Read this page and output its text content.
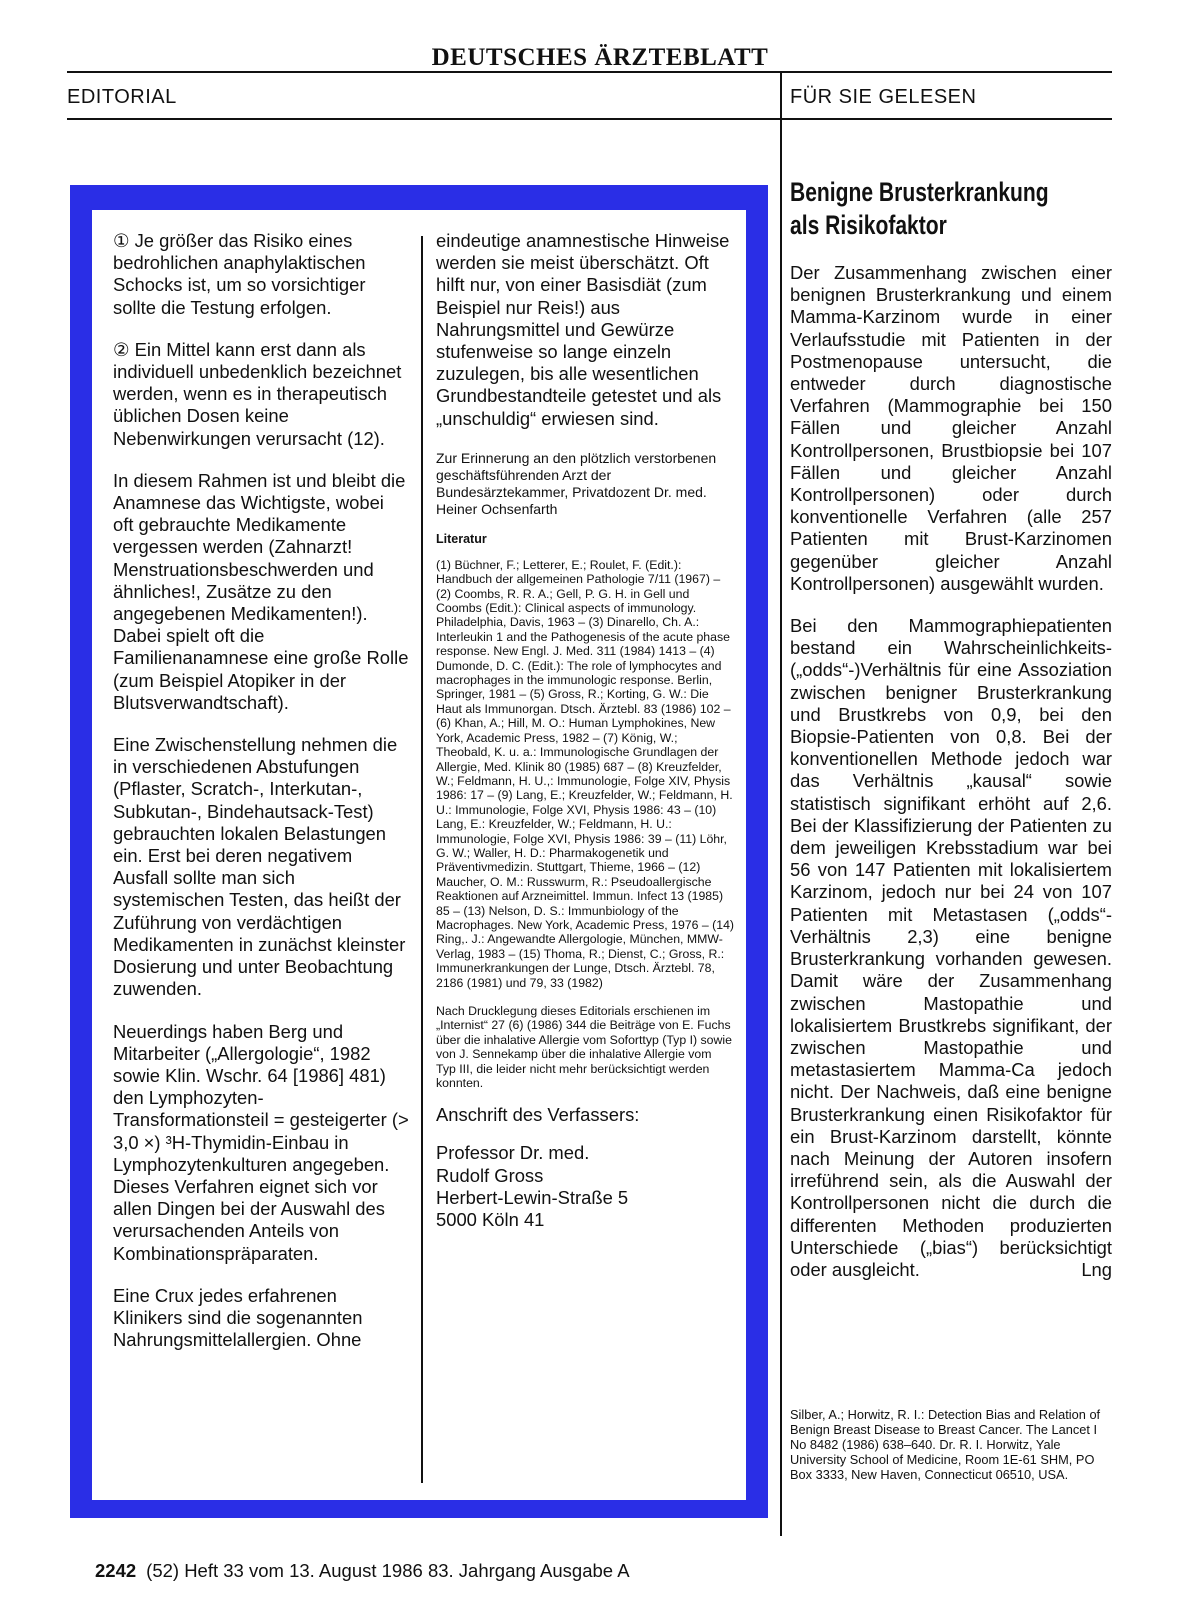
DEUTSCHES ÄRZTEBLATT
EDITORIAL	FÜR SIE GELESEN

① Je größer das Risiko eines bedrohlichen anaphylaktischen Schocks ist, um so vorsichtiger sollte die Testung erfolgen.

② Ein Mittel kann erst dann als individuell unbedenklich bezeichnet werden, wenn es in therapeutisch üblichen Dosen keine Nebenwirkungen verursacht (12).

In diesem Rahmen ist und bleibt die Anamnese das Wichtigste, wobei oft gebrauchte Medikamente vergessen werden (Zahnarzt! Menstruationsbeschwerden und ähnliches!, Zusätze zu den angegebenen Medikamenten!). Dabei spielt oft die Familienanamnese eine große Rolle (zum Beispiel Atopiker in der Blutsverwandtschaft).

Eine Zwischenstellung nehmen die in verschiedenen Abstufungen (Pflaster, Scratch-, Interkutan-, Subkutan-, Bindehautsack-Test) gebrauchten lokalen Belastungen ein. Erst bei deren negativem Ausfall sollte man sich systemischen Testen, das heißt der Zuführung von verdächtigen Medikamenten in zunächst kleinster Dosierung und unter Beobachtung zuwenden.

Neuerdings haben Berg und Mitarbeiter („Allergologie“, 1982 sowie Klin. Wschr. 64 [1986] 481) den Lymphozyten-Transformationsteil = gesteigerter (> 3,0 ×) ³H-Thymidin-Einbau in Lymphozytenkulturen angegeben. Dieses Verfahren eignet sich vor allen Dingen bei der Auswahl des verursachenden Anteils von Kombinationspräparaten.

Eine Crux jedes erfahrenen Klinikers sind die sogenannten Nahrungsmittelallergien. Ohne

eindeutige anamnestische Hinweise werden sie meist überschätzt. Oft hilft nur, von einer Basisdiät (zum Beispiel nur Reis!) aus Nahrungsmittel und Gewürze stufenweise so lange einzeln zuzulegen, bis alle wesentlichen Grundbestandteile getestet und als „unschuldig“ erwiesen sind.

Zur Erinnerung an den plötzlich verstorbenen geschäftsführenden Arzt der Bundesärztekammer, Privatdozent Dr. med. Heiner Ochsenfarth

Literatur

(1) Büchner, F.; Letterer, E.; Roulet, F. (Edit.): Handbuch der allgemeinen Pathologie 7/11 (1967) – (2) Coombs, R. R. A.; Gell, P. G. H. in Gell und Coombs (Edit.): Clinical aspects of immunology. Philadelphia, Davis, 1963 – (3) Dinarello, Ch. A.: Interleukin 1 and the Pathogenesis of the acute phase response. New Engl. J. Med. 311 (1984) 1413 – (4) Dumonde, D. C. (Edit.): The role of lymphocytes and macrophages in the immunologic response. Berlin, Springer, 1981 – (5) Gross, R.; Korting, G. W.: Die Haut als Immunorgan. Dtsch. Ärztebl. 83 (1986) 102 – (6) Khan, A.; Hill, M. O.: Human Lymphokines, New York, Academic Press, 1982 – (7) König, W.; Theobald, K. u. a.: Immunologische Grundlagen der Allergie, Med. Klinik 80 (1985) 687 – (8) Kreuzfelder, W.; Feldmann, H. U.,: Immunologie, Folge XIV, Physis 1986: 17 – (9) Lang, E.; Kreuzfelder, W.; Feldmann, H. U.: Immunologie, Folge XVI, Physis 1986: 43 – (10) Lang, E.: Kreuzfelder, W.; Feldmann, H. U.: Immunologie, Folge XVI, Physis 1986: 39 – (11) Löhr, G. W.; Waller, H. D.: Pharmakogenetik und Präventivmedizin. Stuttgart, Thieme, 1966 – (12) Maucher, O. M.: Russwurm, R.: Pseudoallergische Reaktionen auf Arzneimittel. Immun. Infect 13 (1985) 85 – (13) Nelson, D. S.: Immunbiology of the Macrophages. New York, Academic Press, 1976 – (14) Ring,. J.: Angewandte Allergologie, München, MMW-Verlag, 1983 – (15) Thoma, R.; Dienst, C.; Gross, R.: Immunerkrankungen der Lunge, Dtsch. Ärztebl. 78, 2186 (1981) und 79, 33 (1982)

Nach Drucklegung dieses Editorials erschienen im „Internist“ 27 (6) (1986) 344 die Beiträge von E. Fuchs über die inhalative Allergie vom Soforttyp (Typ I) sowie von J. Sennekamp über die inhalative Allergie vom Typ III, die leider nicht mehr berücksichtigt werden konnten.

Anschrift des Verfassers:

Professor Dr. med.
Rudolf Gross
Herbert-Lewin-Straße 5
5000 Köln 41
Benigne Brusterkrankung
als Risikofaktor

Der Zusammenhang zwischen einer benignen Brusterkrankung und einem Mamma-Karzinom wurde in einer Verlaufsstudie mit Patienten in der Postmenopause untersucht, die entweder durch diagnostische Verfahren (Mammographie bei 150 Fällen und gleicher Anzahl Kontrollpersonen, Brustbiopsie bei 107 Fällen und gleicher Anzahl Kontrollpersonen) oder durch konventionelle Verfahren (alle 257 Patienten mit Brust-Karzinomen gegenüber gleicher Anzahl Kontrollpersonen) ausgewählt wurden.

Bei den Mammographiepatienten bestand ein Wahrscheinlichkeits-(„odds“-)Verhältnis für eine Assoziation zwischen benigner Brusterkrankung und Brustkrebs von 0,9, bei den Biopsie-Patienten von 0,8. Bei der konventionellen Methode jedoch war das Verhältnis „kausal“ sowie statistisch signifikant erhöht auf 2,6. Bei der Klassifizierung der Patienten zu dem jeweiligen Krebsstadium war bei 56 von 147 Patienten mit lokalisiertem Karzinom, jedoch nur bei 24 von 107 Patienten mit Metastasen („odds“-Verhältnis 2,3) eine benigne Brusterkrankung vorhanden gewesen. Damit wäre der Zusammenhang zwischen Mastopathie und lokalisiertem Brustkrebs signifikant, der zwischen Mastopathie und metastasiertem Mamma-Ca jedoch nicht. Der Nachweis, daß eine benigne Brusterkrankung einen Risikofaktor für ein Brust-Karzinom darstellt, könnte nach Meinung der Autoren insofern irreführend sein, als die Auswahl der Kontrollpersonen nicht die durch die differenten Methoden produzierten Unterschiede („bias“) berücksichtigt oder ausgleicht.	Lng

Silber, A.; Horwitz, R. I.: Detection Bias and Relation of Benign Breast Disease to Breast Cancer. The Lancet I No 8482 (1986) 638–640. Dr. R. I. Horwitz, Yale University School of Medicine, Room 1E-61 SHM, PO Box 3333, New Haven, Connecticut 06510, USA.
2242 (52) Heft 33 vom 13. August 1986 83. Jahrgang Ausgabe A
